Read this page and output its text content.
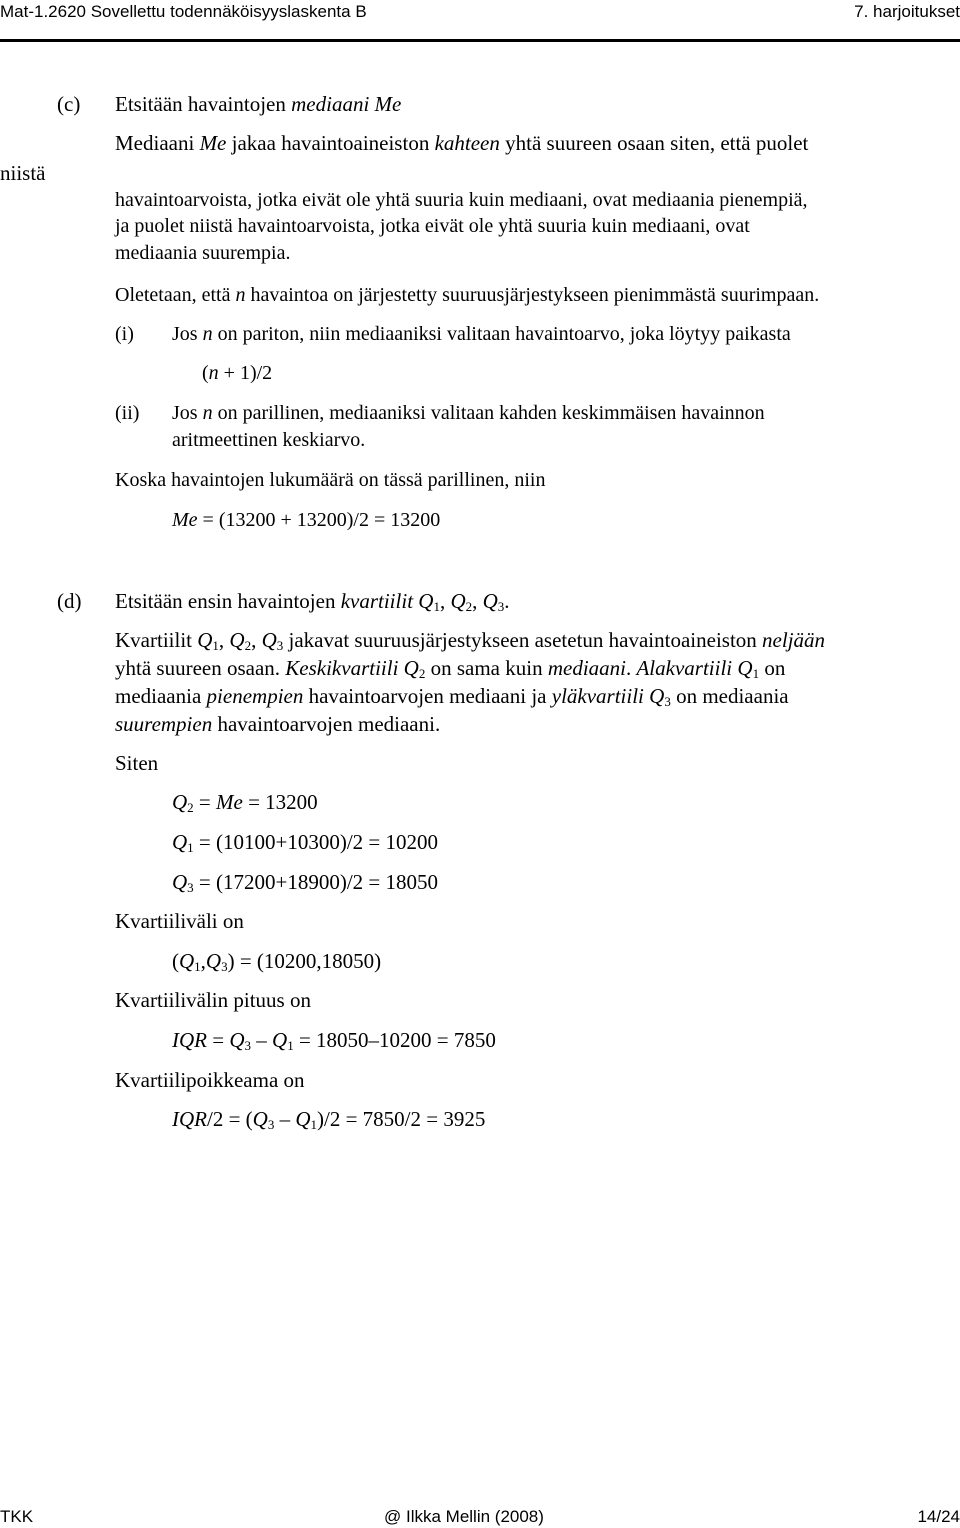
Mat-1.2620 Sovellettu todennäköisyyslaskenta B	7. harjoitukset
(c) Etsitään havaintojen mediaani Me
Mediaani Me jakaa havaintoaineiston kahteen yhtä suureen osaan siten, että puolet
niistä
havaintoarvoista, jotka eivät ole yhtä suuria kuin mediaani, ovat mediaania pienempiä,
ja puolet niistä havaintoarvoista, jotka eivät ole yhtä suuria kuin mediaani, ovat
mediaania suurempia.
Oletetaan, että n havaintoa on järjestetty suuruusjärjestykseen pienimmästä suurimpaan.
(i) Jos n on pariton, niin mediaaniksi valitaan havaintoarvo, joka löytyy paikasta
(n + 1)/2
(ii) Jos n on parillinen, mediaaniksi valitaan kahden keskimmäisen havainnon
aritmeettinen keskiarvo.
Koska havaintojen lukumäärä on tässä parillinen, niin
Me = (13200 + 13200)/2 = 13200
(d) Etsitään ensin havaintojen kvartiilit $Q_1$, $Q_2$, $Q_3$.
Kvartiilit $Q_1$, $Q_2$, $Q_3$ jakavat suuruusjärjestykseen asetetun havaintoaineiston neljään
yhtä suureen osaan. Keskikvartiili $Q_2$ on sama kuin mediaani. Alakvartiili $Q_1$ on
mediaania pienempien havaintoarvojen mediaani ja yläkvartiili $Q_3$ on mediaania
suurempien havaintoarvojen mediaani.
Siten
$Q_2 = Me = 13200$
$Q_1 = (10100+10300)/2 = 10200$
$Q_3 = (17200+18900)/2 = 18050$
Kvartiiliväli on
$(Q_1,Q_3) = (10200,18050)$
Kvartiilivälin pituus on
IQR = $Q_3 - Q_1 = 18050-10200 = 7850$
Kvartiilipoikkeama on
$IQR/2 = (Q_3 - Q_1)/2 = 7850/2 = 3925$
TKK	@ Ilkka Mellin (2008)	14/24
